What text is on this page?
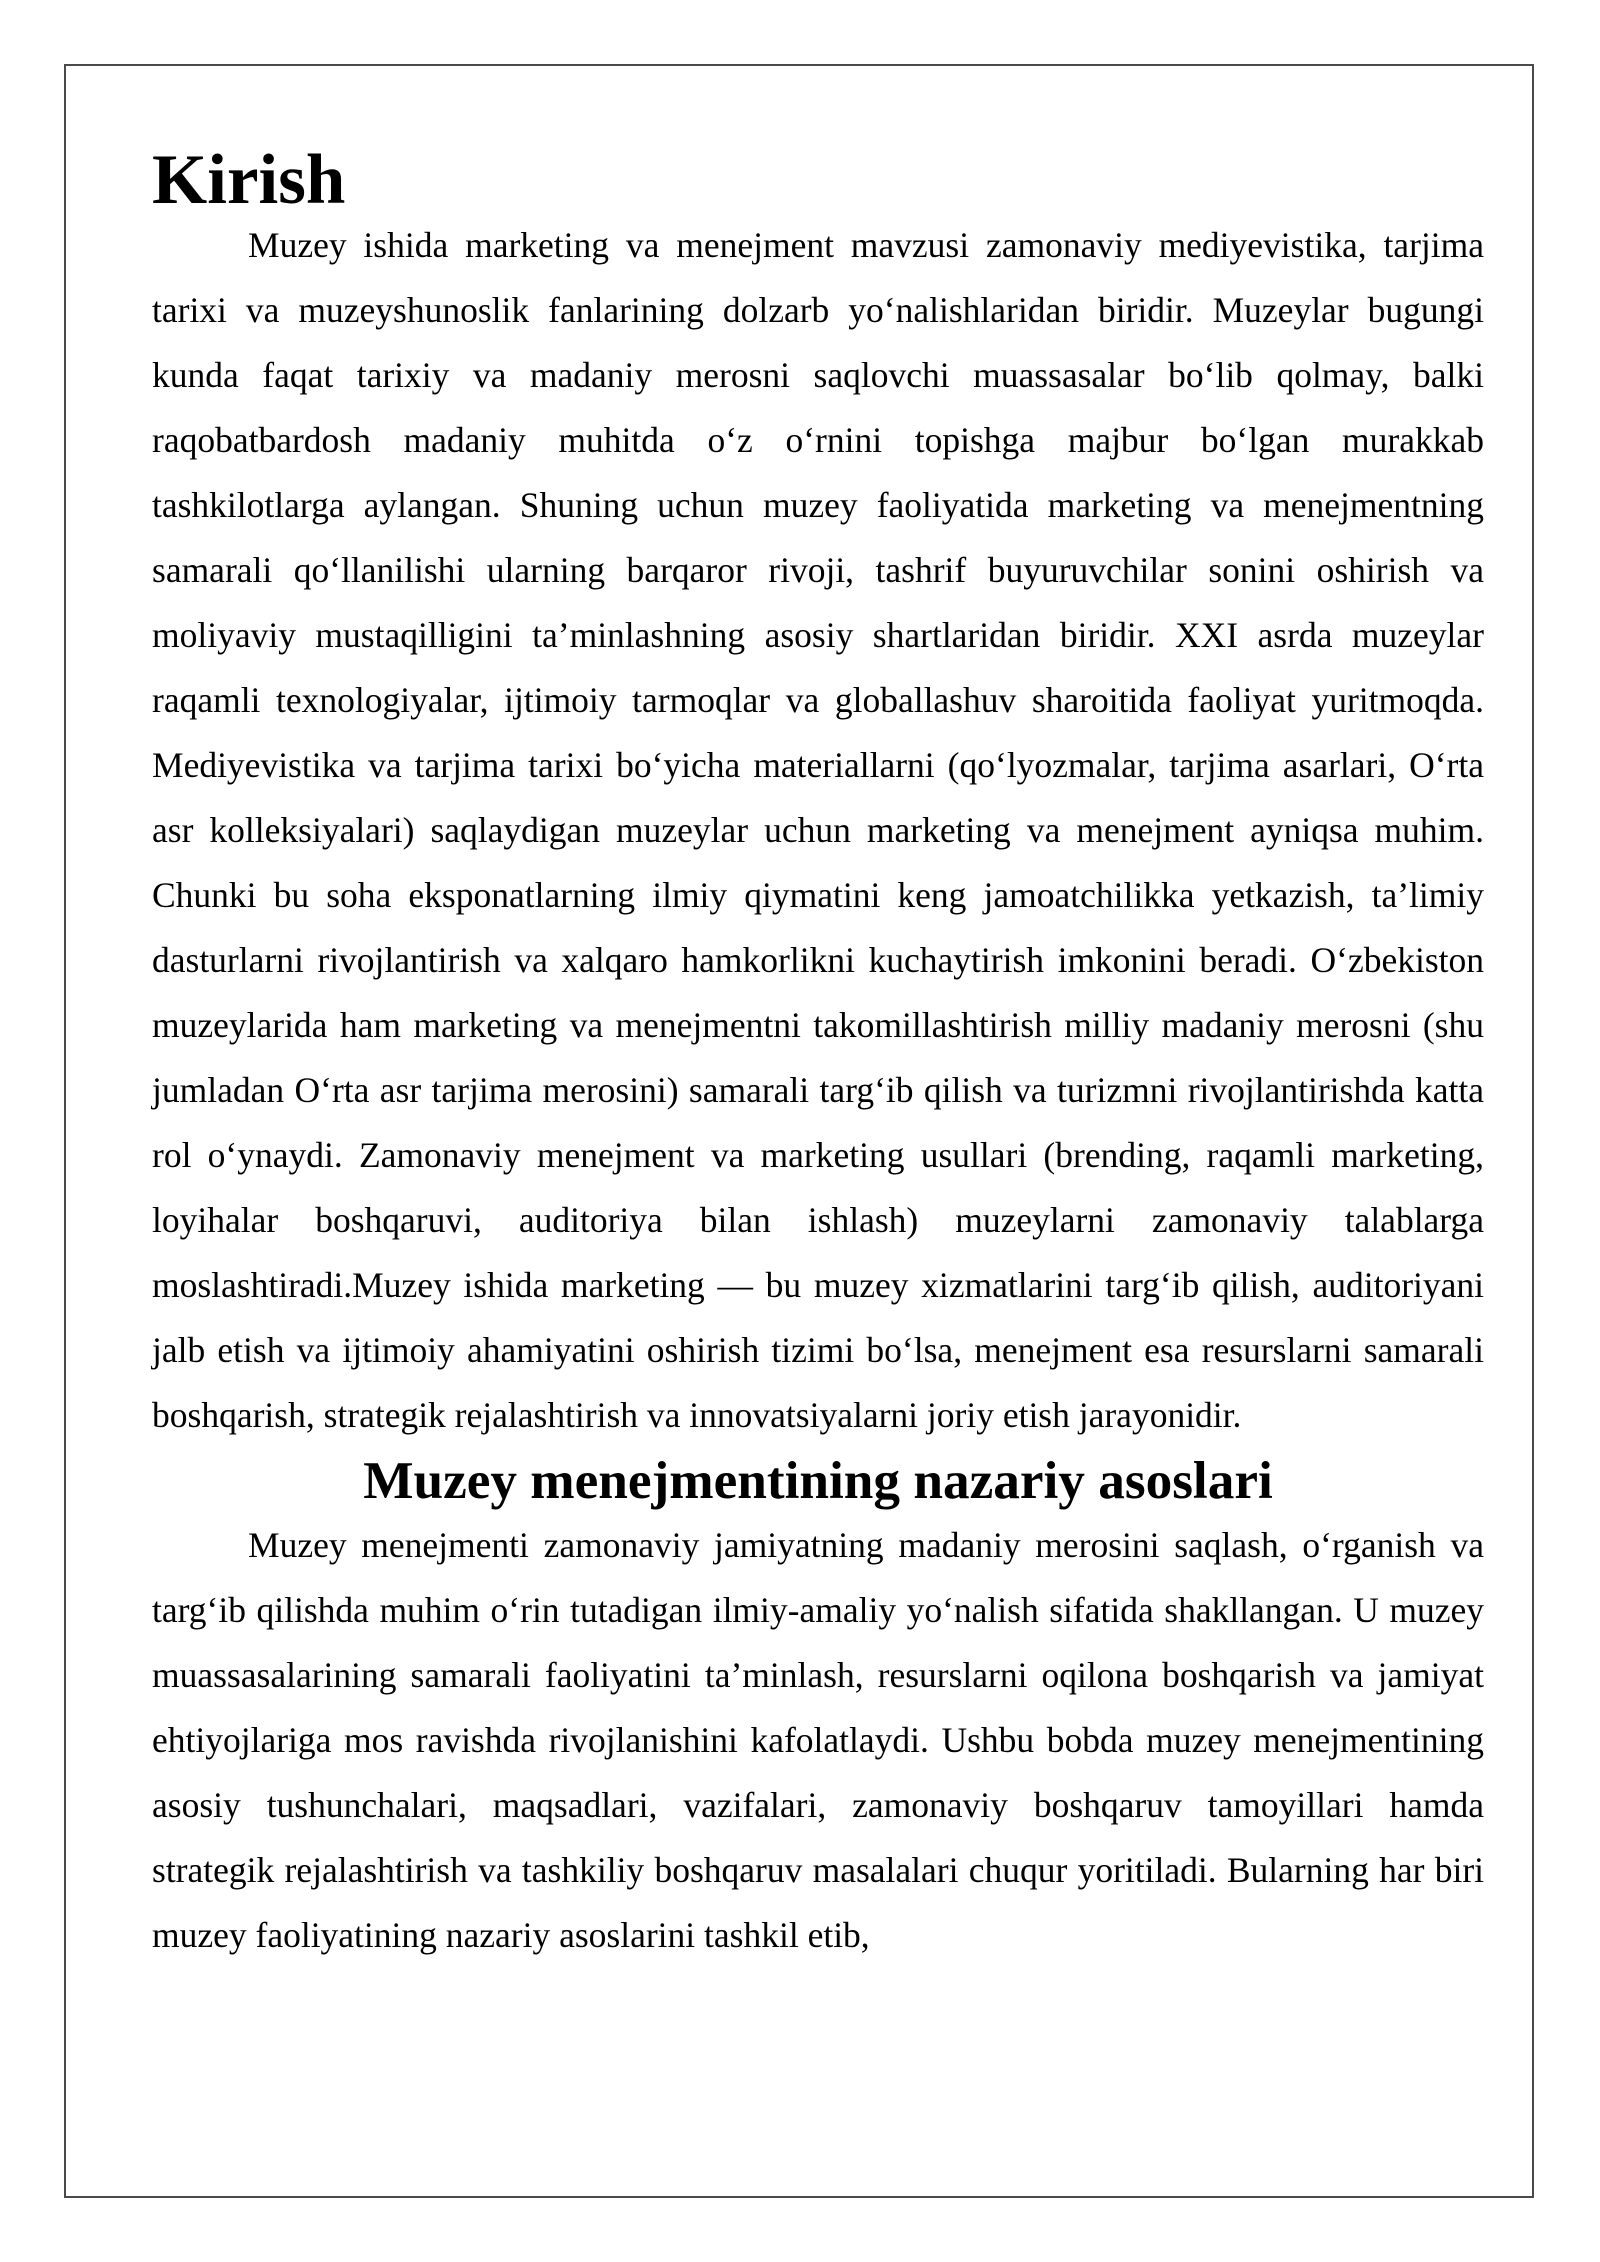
Kirish

Muzey ishida marketing va menejment mavzusi zamonaviy mediyevistika, tarjima tarixi va muzeyshunoslik fanlarining dolzarb yo‘nalishlaridan biridir. Muzeylar bugungi kunda faqat tarixiy va madaniy merosni saqlovchi muassasalar bo‘lib qolmay, balki raqobatbardosh madaniy muhitda o‘z o‘rnini topishga majbur bo‘lgan murakkab tashkilotlarga aylangan. Shuning uchun muzey faoliyatida marketing va menejmentning samarali qo‘llanilishi ularning barqaror rivoji, tashrif buyuruvchilar sonini oshirish va moliyaviy mustaqilligini ta’minlashning asosiy shartlaridan biridir. XXI asrda muzeylar raqamli texnologiyalar, ijtimoiy tarmoqlar va globallashuv sharoitida faoliyat yuritmoqda. Mediyevistika va tarjima tarixi bo‘yicha materiallarni (qo‘lyozmalar, tarjima asarlari, O‘rta asr kolleksiyalari) saqlaydigan muzeylar uchun marketing va menejment ayniqsa muhim. Chunki bu soha eksponatlarning ilmiy qiymatini keng jamoatchilikka yetkazish, ta’limiy dasturlarni rivojlantirish va xalqaro hamkorlikni kuchaytirish imkonini beradi. O‘zbekiston muzeylarida ham marketing va menejmentni takomillashtirish milliy madaniy merosni (shu jumladan O‘rta asr tarjima merosini) samarali targ‘ib qilish va turizmni rivojlantirishda katta rol o‘ynaydi. Zamonaviy menejment va marketing usullari (brending, raqamli marketing, loyihalar boshqaruvi, auditoriya bilan ishlash) muzeylarni zamonaviy talablarga moslashtiradi.Muzey ishida marketing — bu muzey xizmatlarini targ‘ib qilish, auditoriyani jalb etish va ijtimoiy ahamiyatini oshirish tizimi bo‘lsa, menejment esa resurslarni samarali boshqarish, strategik rejalashtirish va innovatsiyalarni joriy etish jarayonidir.

Muzey menejmentining nazariy asoslari

Muzey menejmenti zamonaviy jamiyatning madaniy merosini saqlash, o‘rganish va targ‘ib qilishda muhim o‘rin tutadigan ilmiy-amaliy yo‘nalish sifatida shakllangan. U muzey muassasalarining samarali faoliyatini ta’minlash, resurslarni oqilona boshqarish va jamiyat ehtiyojlariga mos ravishda rivojlanishini kafolatlaydi. Ushbu bobda muzey menejmentining asosiy tushunchalari, maqsadlari, vazifalari, zamonaviy boshqaruv tamoyillari hamda strategik rejalashtirish va tashkiliy boshqaruv masalalari chuqur yoritiladi. Bularning har biri muzey faoliyatining nazariy asoslarini tashkil etib,
